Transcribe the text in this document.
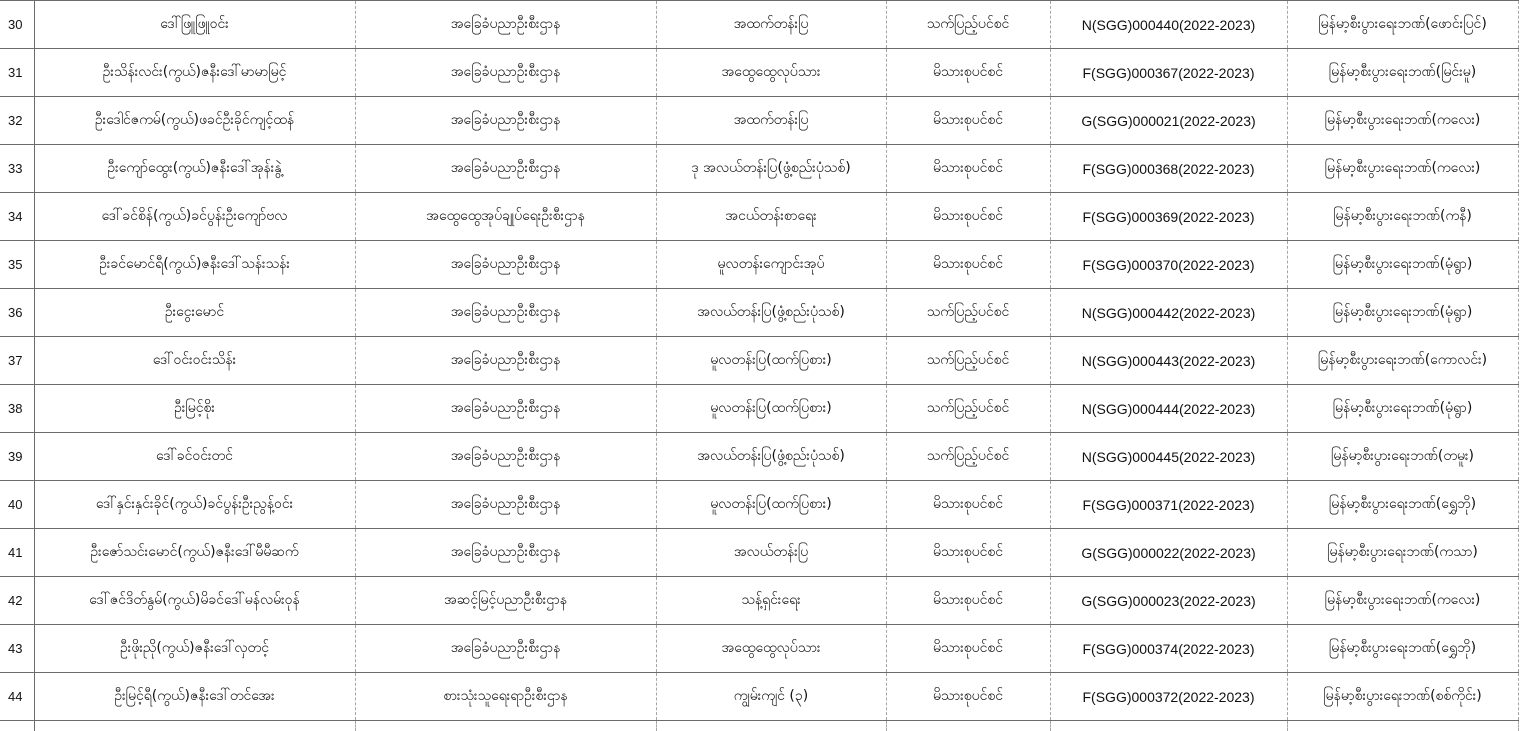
30	ဒေါ်ဖြူဖြူဝင်း	အခြေခံပညာဦးစီးဌာန	အထက်တန်းပြ	သက်ပြည့်ပင်စင်	N(SGG)000440(2022-2023)	မြန်မာ့စီးပွားရေးဘဏ်(ဖောင်းပြင်)
31	ဦးသိန်းလင်း(ကွယ်)ဇနီးဒေါ်မာမာမြင့်	အခြေခံပညာဦးစီးဌာန	အထွေထွေလုပ်သား	မိသားစုပင်စင်	F(SGG)000367(2022-2023)	မြန်မာ့စီးပွားရေးဘဏ်(မြင်းမူ)
32	ဦးဒေါင်ဇကမ်(ကွယ်)ဖခင်ဦးခိုင်ကျင့်ထန်	အခြေခံပညာဦးစီးဌာန	အထက်တန်းပြ	မိသားစုပင်စင်	G(SGG)000021(2022-2023)	မြန်မာ့စီးပွားရေးဘဏ်(ကလေး)
33	ဦးကျော်ထွေး(ကွယ်)ဇနီးဒေါ်အုန်းနွဲ့	အခြေခံပညာဦးစီးဌာန	ဒု အလယ်တန်းပြ(ဖွံ့စည်းပုံသစ်)	မိသားစုပင်စင်	F(SGG)000368(2022-2023)	မြန်မာ့စီးပွားရေးဘဏ်(ကလေး)
34	ဒေါ်ခင်စိန်(ကွယ်)ခင်ပွန်းဦးကျော်ဗလ	အထွေထွေအုပ်ချုပ်ရေးဦးစီးဌာန	အငယ်တန်းစာရေး	မိသားစုပင်စင်	F(SGG)000369(2022-2023)	မြန်မာ့စီးပွားရေးဘဏ်(ကနီ)
35	ဦးခင်မောင်ရီ(ကွယ်)ဇနီးဒေါ်သန်းသန်း	အခြေခံပညာဦးစီးဌာန	မူလတန်းကျောင်းအုပ်	မိသားစုပင်စင်	F(SGG)000370(2022-2023)	မြန်မာ့စီးပွားရေးဘဏ်(မုံရွာ)
36	ဦးငွေးမောင်	အခြေခံပညာဦးစီးဌာန	အလယ်တန်းပြ(ဖွံ့စည်းပုံသစ်)	သက်ပြည့်ပင်စင်	N(SGG)000442(2022-2023)	မြန်မာ့စီးပွားရေးဘဏ်(မုံရွာ)
37	ဒေါ်ဝင်းဝင်းသိန်း	အခြေခံပညာဦးစီးဌာန	မူလတန်းပြ(ထက်ပြစား)	သက်ပြည့်ပင်စင်	N(SGG)000443(2022-2023)	မြန်မာ့စီးပွားရေးဘဏ်(ကောလင်း)
38	ဦးမြင့်စိုး	အခြေခံပညာဦးစီးဌာန	မူလတန်းပြ(ထက်ပြစား)	သက်ပြည့်ပင်စင်	N(SGG)000444(2022-2023)	မြန်မာ့စီးပွားရေးဘဏ်(မုံရွာ)
39	ဒေါ်ခင်ဝင်းတင်	အခြေခံပညာဦးစီးဌာန	အလယ်တန်းပြ(ဖွံ့စည်းပုံသစ်)	သက်ပြည့်ပင်စင်	N(SGG)000445(2022-2023)	မြန်မာ့စီးပွားရေးဘဏ်(တမူး)
40	ဒေါ်နှင်းနှင်းခိုင်(ကွယ်)ခင်ပွန်းဦးညွန့်ဝင်း	အခြေခံပညာဦးစီးဌာန	မူလတန်းပြ(ထက်ပြစား)	မိသားစုပင်စင်	F(SGG)000371(2022-2023)	မြန်မာ့စီးပွားရေးဘဏ်(ရွှေဘို)
41	ဦးဇော်သင်းမောင်(ကွယ်)ဇနီးဒေါ်မီမီဆက်	အခြေခံပညာဦးစီးဌာန	အလယ်တန်းပြ	မိသားစုပင်စင်	G(SGG)000022(2022-2023)	မြန်မာ့စီးပွားရေးဘဏ်(ကသာ)
42	ဒေါ်ဇင်ဒိတ်နွမ်(ကွယ်)မိခင်ဒေါ်မန်လမ်းဝုန်	အဆင့်မြင့်ပညာဦးစီးဌာန	သန့်ရှင်းရေး	မိသားစုပင်စင်	G(SGG)000023(2022-2023)	မြန်မာ့စီးပွားရေးဘဏ်(ကလေး)
43	ဦးဖိုးညို(ကွယ်)ဇနီးဒေါ်လှတင့်	အခြေခံပညာဦးစီးဌာန	အထွေထွေလုပ်သား	မိသားစုပင်စင်	F(SGG)000374(2022-2023)	မြန်မာ့စီးပွားရေးဘဏ်(ရွှေဘို)
44	ဦးမြင့်ရီ(ကွယ်)ဇနီးဒေါ်တင်အေး	စားသုံးသူရေးရာဦးစီးဌာန	ကျွမ်းကျင် (၃)	မိသားစုပင်စင်	F(SGG)000372(2022-2023)	မြန်မာ့စီးပွားရေးဘဏ်(စစ်ကိုင်း)
